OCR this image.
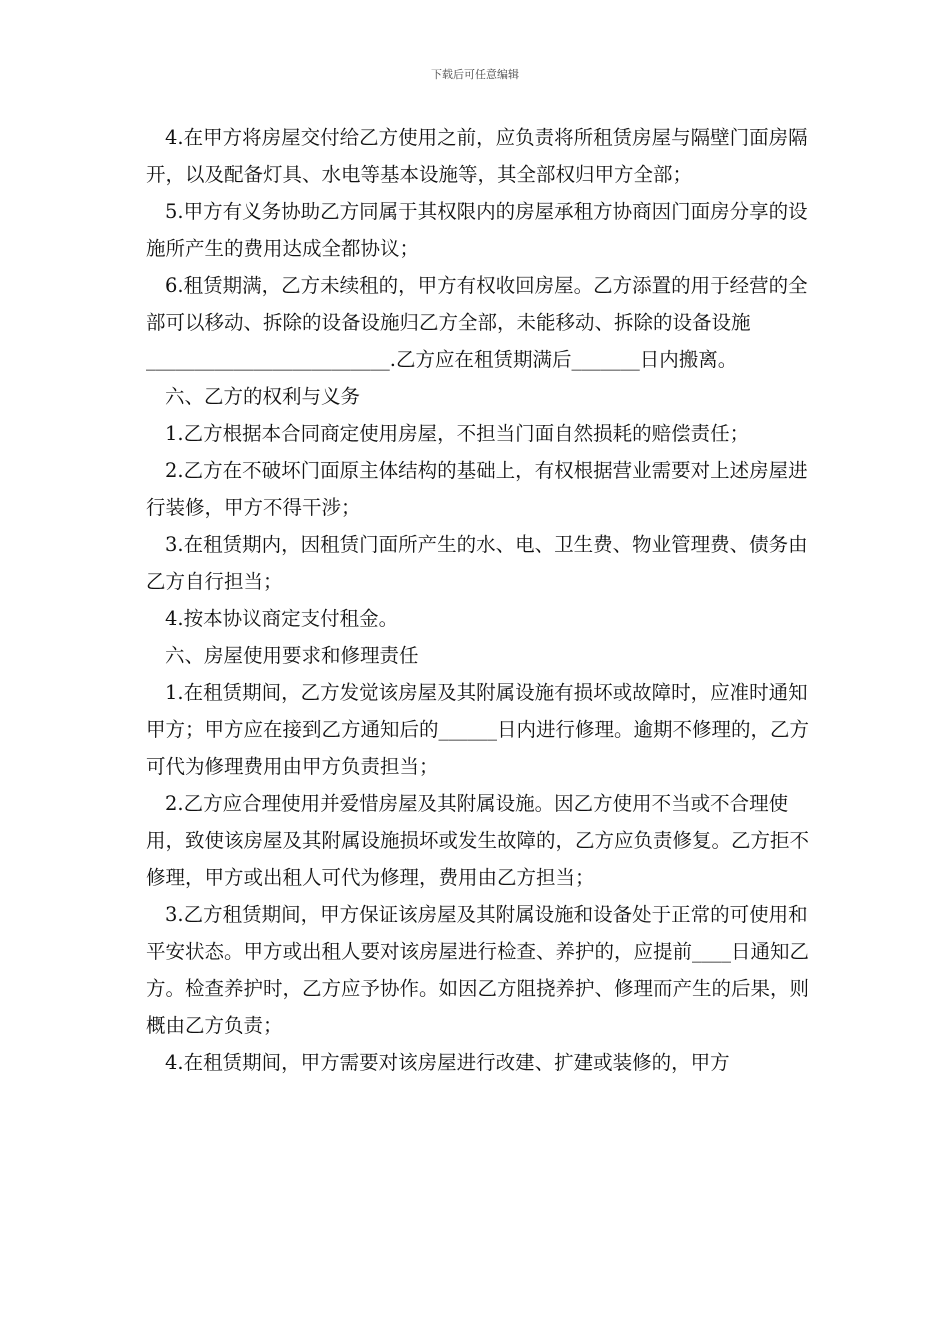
下载后可任意编辑

4.在甲方将房屋交付给乙方使用之前，应负责将所租赁房屋与隔壁门面房隔开，以及配备灯具、水电等基本设施等，其全部权归甲方全部；

5.甲方有义务协助乙方同属于其权限内的房屋承租方协商因门面房分享的设施所产生的费用达成全都协议；

6.租赁期满，乙方未续租的，甲方有权收回房屋。乙方添置的用于经营的全部可以移动、拆除的设备设施归乙方全部，未能移动、拆除的设备设施_________________________.乙方应在租赁期满后_______日内搬离。

六、乙方的权利与义务

1.乙方根据本合同商定使用房屋，不担当门面自然损耗的赔偿责任；

2.乙方在不破坏门面原主体结构的基础上，有权根据营业需要对上述房屋进行装修，甲方不得干涉；

3.在租赁期内，因租赁门面所产生的水、电、卫生费、物业管理费、债务由乙方自行担当；

4.按本协议商定支付租金。

六、房屋使用要求和修理责任

1.在租赁期间，乙方发觉该房屋及其附属设施有损坏或故障时，应准时通知甲方；甲方应在接到乙方通知后的______日内进行修理。逾期不修理的，乙方可代为修理费用由甲方负责担当；

2.乙方应合理使用并爱惜房屋及其附属设施。因乙方使用不当或不合理使用，致使该房屋及其附属设施损坏或发生故障的，乙方应负责修复。乙方拒不修理，甲方或出租人可代为修理，费用由乙方担当；

3.乙方租赁期间，甲方保证该房屋及其附属设施和设备处于正常的可使用和平安状态。甲方或出租人要对该房屋进行检查、养护的，应提前____日通知乙方。检查养护时，乙方应予协作。如因乙方阻挠养护、修理而产生的后果，则概由乙方负责；

4.在租赁期间，甲方需要对该房屋进行改建、扩建或装修的，甲方
